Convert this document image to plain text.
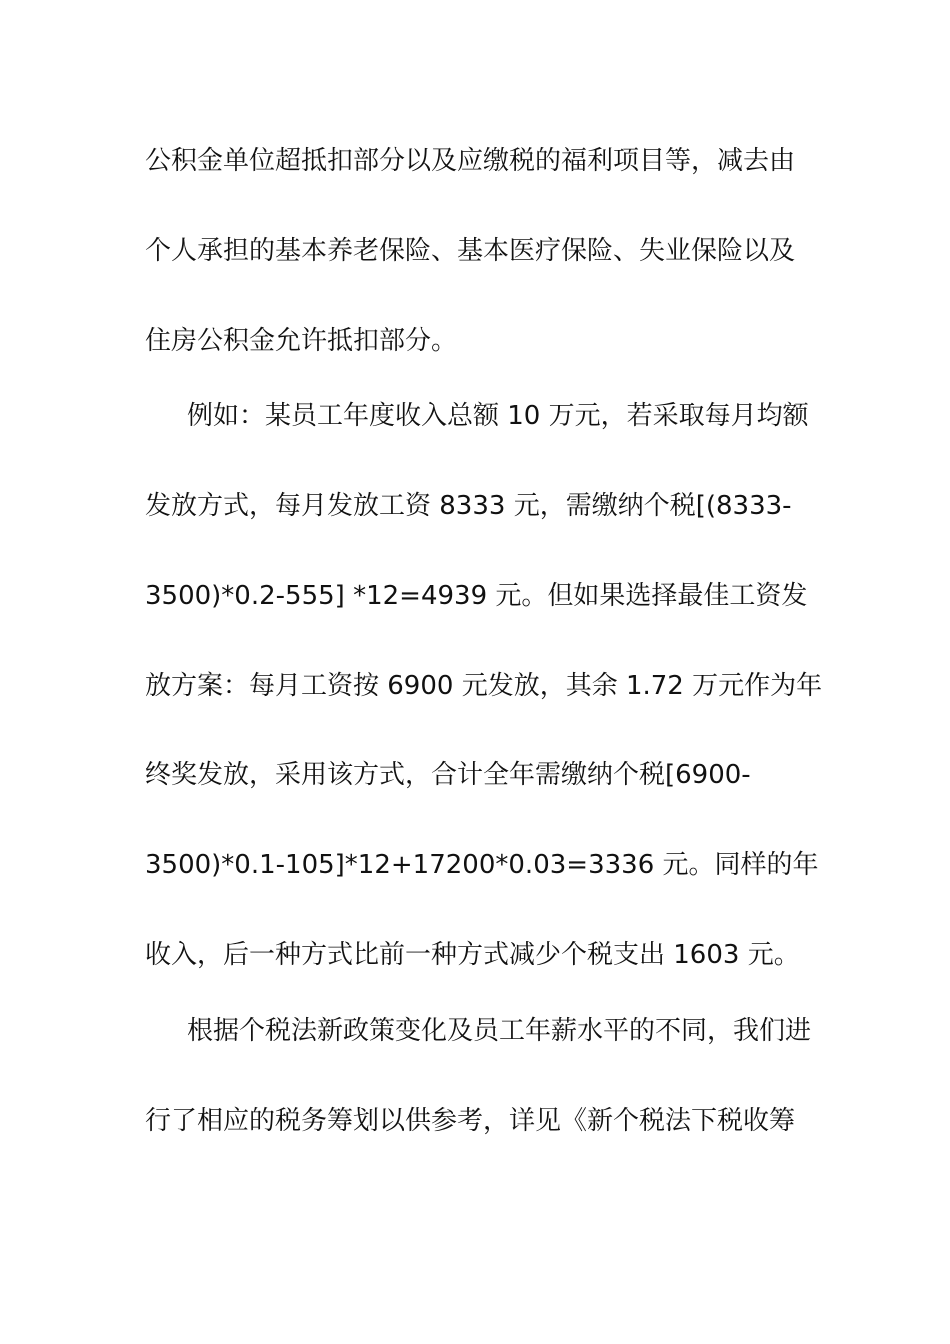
公积金单位超抵扣部分以及应缴税的福利项目等，减去由
个人承担的基本养老保险、基本医疗保险、失业保险以及
住房公积金允许抵扣部分。
例如：某员工年度收入总额 10 万元，若采取每月均额
发放方式，每月发放工资 8333 元，需缴纳个税[(8333-
3500)*0.2-555] *12=4939 元。但如果选择最佳工资发
放方案：每月工资按 6900 元发放，其余 1.72 万元作为年
终奖发放，采用该方式，合计全年需缴纳个税[6900-
3500)*0.1-105]*12+17200*0.03=3336 元。同样的年
收入，后一种方式比前一种方式减少个税支出 1603 元。
根据个税法新政策变化及员工年薪水平的不同，我们进
行了相应的税务筹划以供参考，详见《新个税法下税收筹
